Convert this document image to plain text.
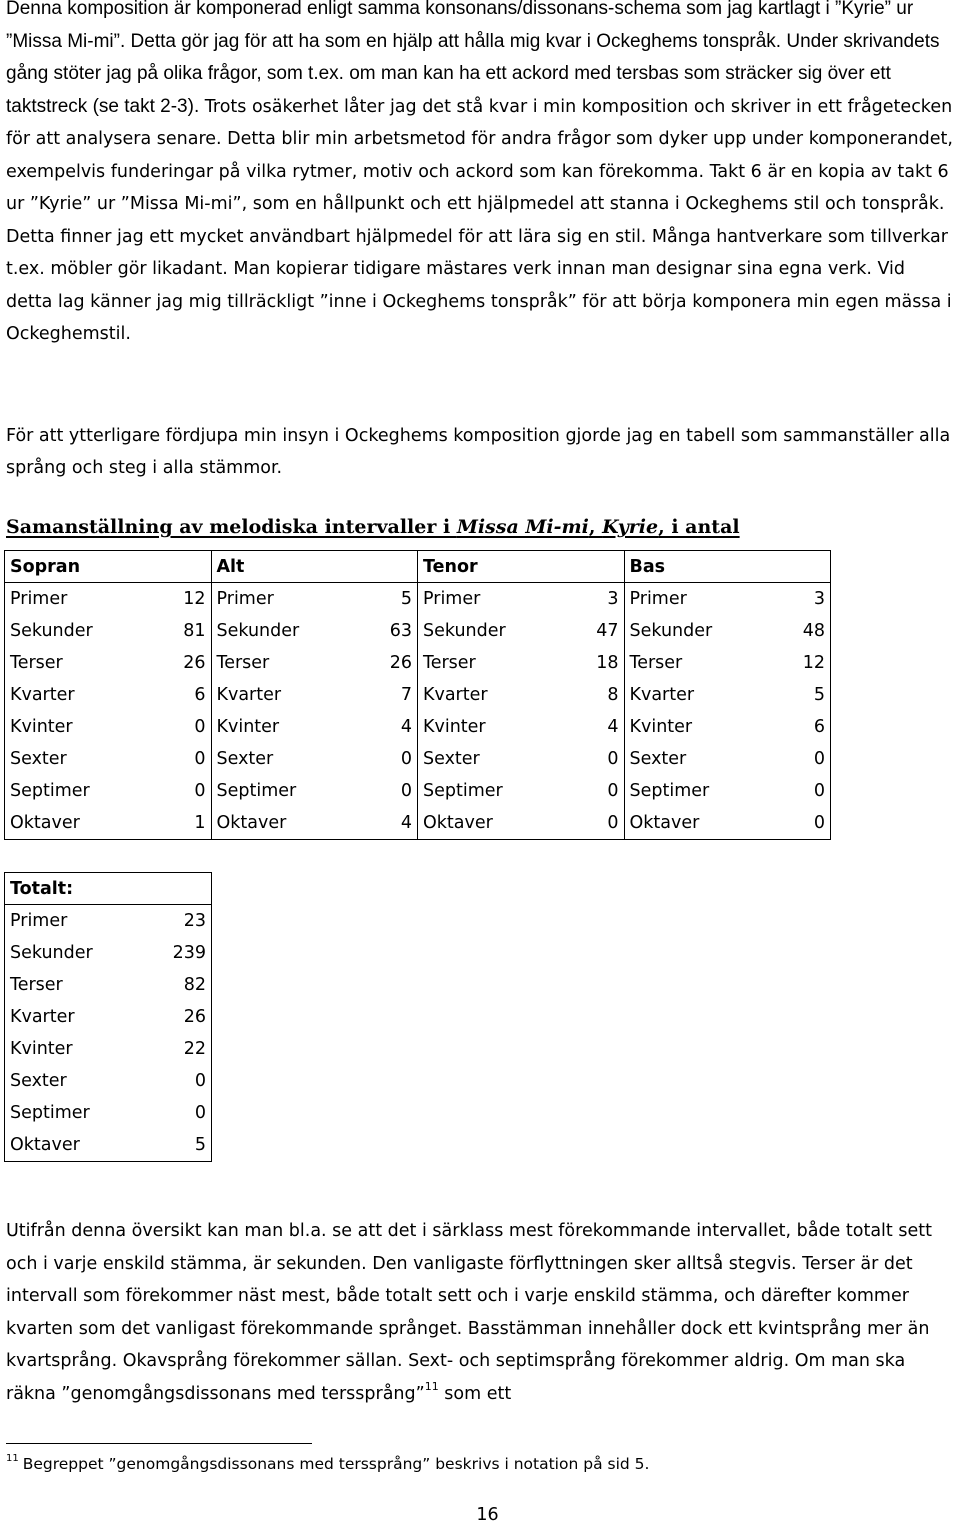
Denna komposition är komponerad enligt samma konsonans/dissonans-schema som jag kartlagt i ”Kyrie” ur ”Missa Mi-mi”. Detta gör jag för att ha som en hjälp att hålla mig kvar i Ockeghems tonspråk. Under skrivandets gång stöter jag på olika frågor, som t.ex. om man kan ha ett ackord med tersbas som sträcker sig över ett taktstreck (se takt 2-3). Trots osäkerhet låter jag det stå kvar i min komposition och skriver in ett frågetecken för att analysera senare. Detta blir min arbetsmetod för andra frågor som dyker upp under komponerandet, exempelvis funderingar på vilka rytmer, motiv och ackord som kan förekomma. Takt 6 är en kopia av takt 6 ur ”Kyrie” ur ”Missa Mi-mi”, som en hållpunkt och ett hjälpmedel att stanna i Ockeghems stil och tonspråk. Detta finner jag ett mycket användbart hjälpmedel för att lära sig en stil. Många hantverkare som tillverkar t.ex. möbler gör likadant. Man kopierar tidigare mästares verk innan man designar sina egna verk. Vid detta lag känner jag mig tillräckligt ”inne i Ockeghems tonspråk” för att börja komponera min egen mässa i Ockeghemstil.

För att ytterligare fördjupa min insyn i Ockeghems komposition gjorde jag en tabell som sammanställer alla språng och steg i alla stämmor.

Samanställning av melodiska intervaller i Missa Mi-mi, Kyrie, i antal

Sopran	Alt	Tenor	Bas

Primer 12	Primer 5	Primer 3	Primer 3

Sekunder 81	Sekunder 63	Sekunder 47	Sekunder 48

Terser 26	Terser 26	Terser 18	Terser 12

Kvarter 6	Kvarter 7	Kvarter 8	Kvarter 5

Kvinter 0	Kvinter 4	Kvinter 4	Kvinter 6

Sexter 0	Sexter 0	Sexter 0	Sexter 0

Septimer 0	Septimer 0	Septimer 0	Septimer 0

Oktaver 1	Oktaver 4	Oktaver 0	Oktaver 0
Totalt:

Primer	23

Sekunder	239

Terser	82

Kvarter	26

Kvinter	22

Sexter	0

Septimer	0

Oktaver	5

Utifrån denna översikt kan man bl.a. se att det i särklass mest förekommande intervallet, både totalt sett och i varje enskild stämma, är sekunden. Den vanligaste förflyttningen sker alltså stegvis. Terser är det intervall som förekommer näst mest, både totalt sett och i varje enskild stämma, och därefter kommer kvarten som det vanligast förekommande språnget. Basstämman innehåller dock ett kvintsprång mer än kvartsprång. Okavsprång förekommer sällan. Sext- och septimsprång förekommer aldrig. Om man ska räkna ”genomgångsdissonans med terssprång”$^{11}$ som ett

$^{11}$ Begreppet ”genomgångsdissonans med terssprång” beskrivs i notation på sid 5.

16
